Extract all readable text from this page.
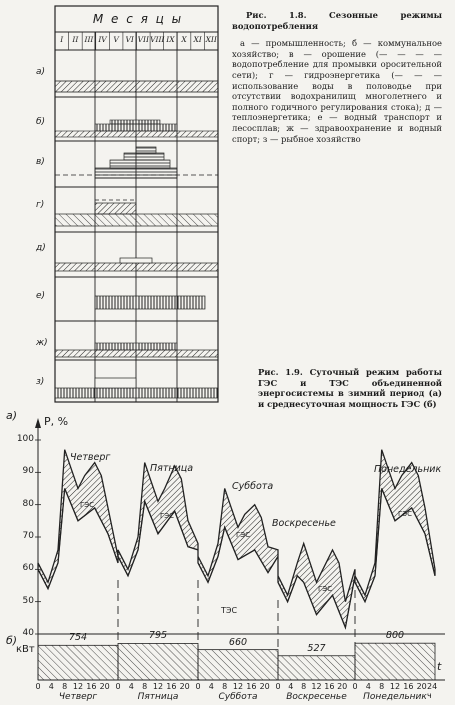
М е с я ц ы
I	II III IV V VI VII VIII IX X XI XII
а)
б)
в)
г)
д)
е)
ж)
з)
Рис. 1.8. Сезонные режимы водопотребления
а — промышленность; б — коммунальное хозяйство; в — орошение (— — — — водопотребление для промывки оросительной сети); г — гидроэнергетика (— — — использование воды в половодье при отсутствии водохранилищ многолетнего и полного годичного регулирования стока); д — теплоэнергетика; е — водный транспорт и лесосплав; ж — здравоохранение и водный спорт; з — рыбное хозяйство
Рис. 1.9. Суточный режим работы ГЭС и ТЭС объединенной энергосистемы в зимний период (а) и среднесуточная мощность ГЭС (б)
а)
б)
P, %
100
90
80
70
60
50
40
кВт
t
Четверг
Пятница
Суббота
Воскресенье
Понедельник
ГЭС
ГЭС
ГЭС
ГЭС
ГЭС
ТЭС
754	795
660
527
800
0	4	8 12 16 20 0	4	8 12 16 20 0	4	8 12 16 20 0 4 8 12 16 20 0	4	8 12 16 20 24 ч
Четверг	Пятница	Суббота	Воскресенье	Понедельник
